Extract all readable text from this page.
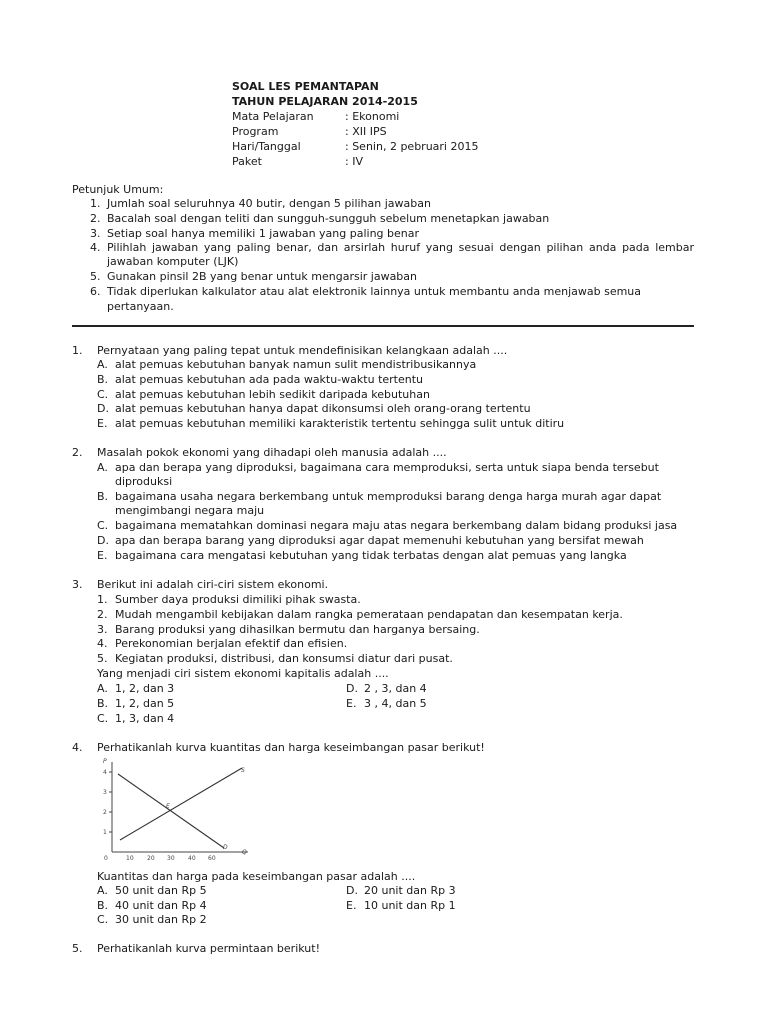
SOAL LES PEMANTAPAN
TAHUN PELAJARAN 2014-2015
Mata Pelajaran	: Ekonomi
Program	: XII IPS
Hari/Tanggal	: Senin, 2 pebruari 2015
Paket	: IV
Petunjuk Umum:
1. Jumlah soal seluruhnya 40 butir, dengan 5 pilihan jawaban
2. Bacalah soal dengan teliti dan sungguh-sungguh sebelum menetapkan jawaban
3. Setiap soal hanya memiliki 1 jawaban yang paling benar
4. Pilihlah jawaban yang paling benar, dan arsirlah huruf yang sesuai dengan pilihan anda pada lembar
jawaban komputer (LJK)
5. Gunakan pinsil 2B yang benar untuk mengarsir jawaban
6. Tidak diperlukan kalkulator atau alat elektronik lainnya untuk membantu anda menjawab semua
pertanyaan.
1. Pernyataan yang paling tepat untuk mendefinisikan kelangkaan adalah ....
A. alat pemuas kebutuhan banyak namun sulit mendistribusikannya
B. alat pemuas kebutuhan ada pada waktu-waktu tertentu
C. alat pemuas kebutuhan lebih sedikit daripada kebutuhan
D. alat pemuas kebutuhan hanya dapat dikonsumsi oleh orang-orang tertentu
E. alat pemuas kebutuhan memiliki karakteristik tertentu sehingga sulit untuk ditiru
2. Masalah pokok ekonomi yang dihadapi oleh manusia adalah ....
A. apa dan berapa yang diproduksi, bagaimana cara memproduksi, serta untuk siapa benda tersebut
diproduksi
B. bagaimana usaha negara berkembang untuk memproduksi barang denga harga murah agar dapat
mengimbangi negara maju
C. bagaimana mematahkan dominasi negara maju atas negara berkembang dalam bidang produksi jasa
D. apa dan berapa barang yang diproduksi agar dapat memenuhi kebutuhan yang bersifat mewah
E. bagaimana cara mengatasi kebutuhan yang tidak terbatas dengan alat pemuas yang langka
3. Berikut ini adalah ciri-ciri sistem ekonomi.
1. Sumber daya produksi dimiliki pihak swasta.
2. Mudah mengambil kebijakan dalam rangka pemerataan pendapatan dan kesempatan kerja.
3. Barang produksi yang dihasilkan bermutu dan harganya bersaing.
4. Perekonomian berjalan efektif dan efisien.
5. Kegiatan produksi, distribusi, dan konsumsi diatur dari pusat.
Yang menjadi ciri sistem ekonomi kapitalis adalah ....
A. 1, 2, dan 3
B. 1, 2, dan 5
C. 1, 3, dan 4
D. 2 , 3, dan 4
E. 3 , 4, dan 5
4. Perhatikanlah kurva kuantitas dan harga keseimbangan pasar berikut!
P
4
3
2
1
0	10 20 30 40 60
S
D
Q
E
Kuantitas dan harga pada keseimbangan pasar adalah ....
A. 50 unit dan Rp 5
B. 40 unit dan Rp 4
C. 30 unit dan Rp 2
D. 20 unit dan Rp 3
E. 10 unit dan Rp 1
5. Perhatikanlah kurva permintaan berikut!
